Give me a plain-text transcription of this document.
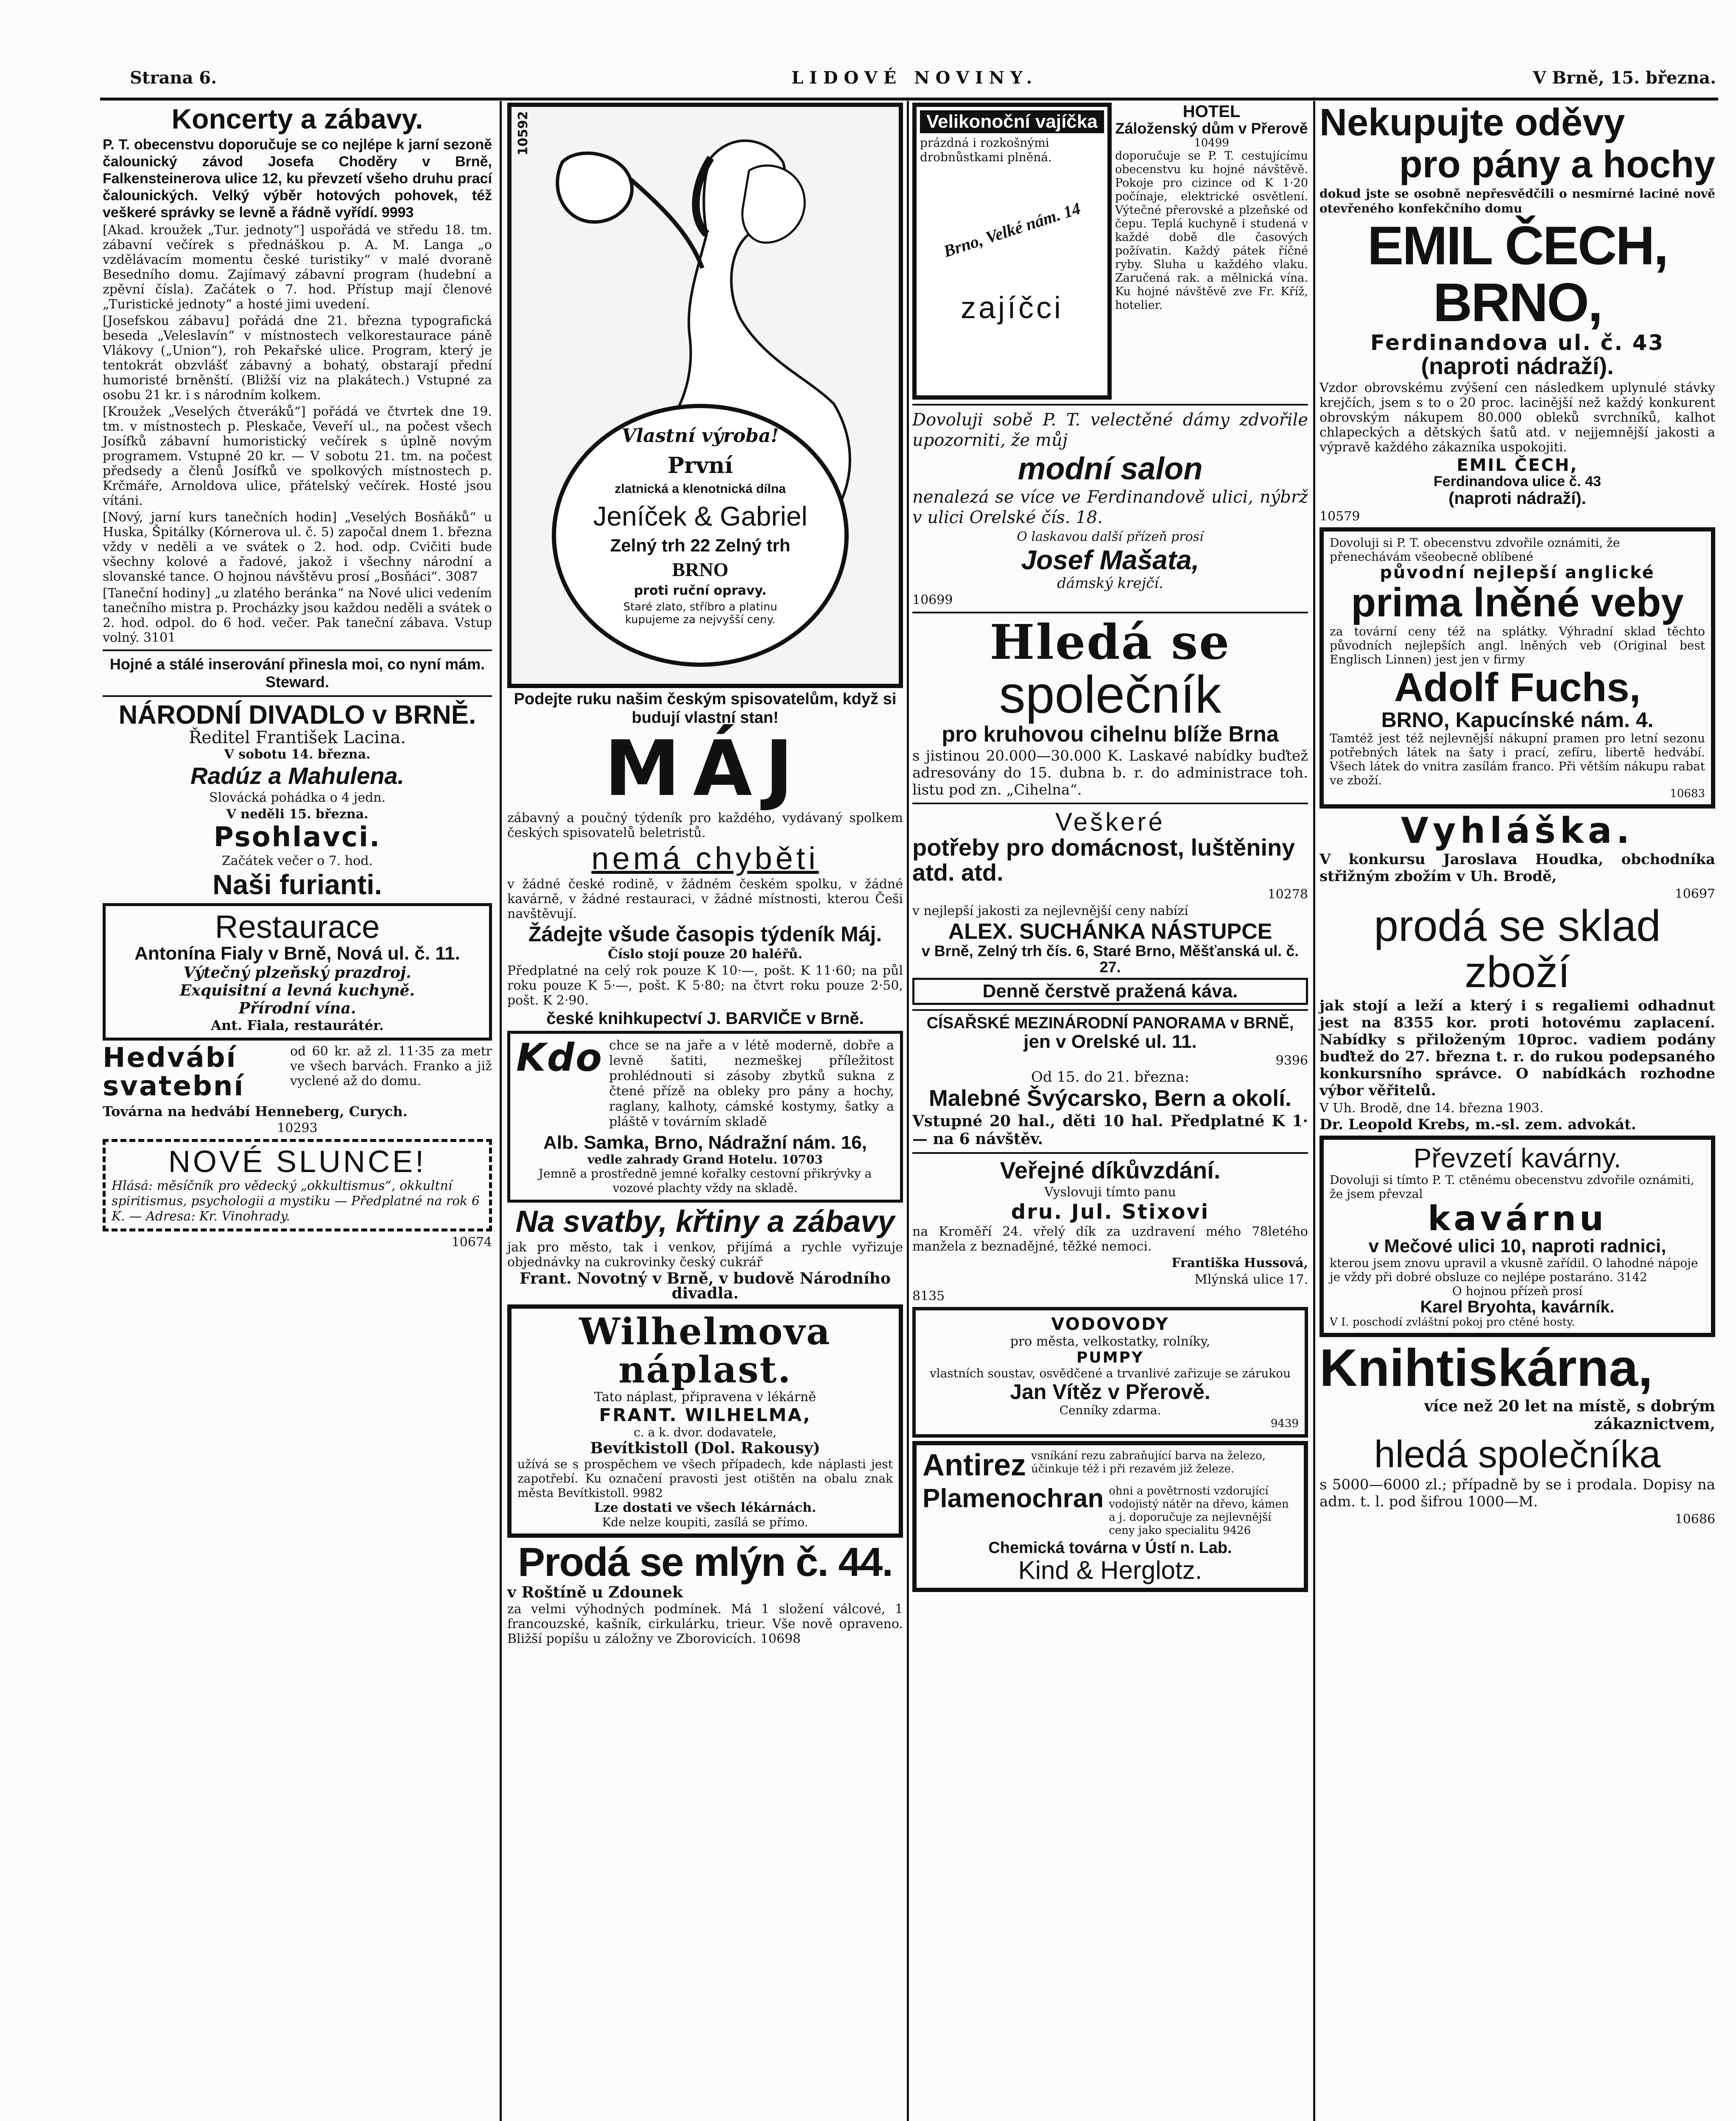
Strana 6.	LIDOVÉ NOVINY.	V Brně, 15. března.
Koncerty a zábavy.
P. T. obecenstvu doporučuje se co nejlépe k jarní sezoně čalounický závod Josefa Choděry v Brně, Falkensteinerova ulice 12, ku převzetí všeho druhu prací čalounických. Velký výběr hotových pohovek, též veškeré správky se levně a řádně vyřídí. 9993
[Akad. kroužek „Tur. jednoty“] uspořádá ve středu 18. tm. zábavní večírek s přednáškou p. A. M. Langa „o vzdělávacím momentu české turistiky“ v malé dvoraně Besedního domu. Zajímavý zábavní program (hudební a zpěvní čísla). Začátek o 7. hod. Přístup mají členové „Turistické jednoty“ a hosté jimi uvedení.
[Josefskou zábavu] pořádá dne 21. března typografická beseda „Veleslavín“ v místnostech velkorestaurace páně Vlákovy („Union“), roh Pekařské ulice. Program, který je tentokrát obzvlášť zábavný a bohatý, obstarají přední humoristé brněnští. (Bližší viz na plakátech.) Vstupné za osobu 21 kr. i s národním kolkem.
[Kroužek „Veselých čtveráků“] pořádá ve čtvrtek dne 19. tm. v místnostech p. Pleskače, Veveří ul., na počest všech Josífků zábavní humoristický večírek s úplně novým programem. Vstupné 20 kr. — V sobotu 21. tm. na počest předsedy a členů Josífků ve spolkových místnostech p. Krčmáře, Arnoldova ulice, přátelský večírek. Hosté jsou vítáni.
[Nový, jarní kurs tanečních hodin] „Veselých Bosňáků“ u Huska, Špitálky (Kórnerova ul. č. 5) započal dnem 1. března vždy v neděli a ve svátek o 2. hod. odp. Cvičiti bude všechny kolové a řadové, jakož i všechny národní a slovanské tance. O hojnou návštěvu prosí „Bosňáci“. 3087
[Taneční hodiny] „u zlatého beránka“ na Nové ulici vedením tanečního mistra p. Procházky jsou každou neděli a svátek o 2. hod. odpol. do 6 hod. večer. Pak taneční zábava. Vstup volný. 3101
Hojné a stálé inserování přinesla moi, co nyní mám. Steward.
NÁRODNÍ DIVADLO v BRNĚ.
Ředitel František Lacina.
V sobotu 14. března.
Radúz a Mahulena.
Slovácká pohádka o 4 jedn.
V neděli 15. března.
Psohlavci.
Začátek večer o 7. hod.
Naši furianti.
Restaurace
Antonína Fialy v Brně, Nová ul. č. 11.
Výtečný plzeňský prazdroj.
Exquisitní a levná kuchyně.
Přírodní vína.
Ant. Fiala, restaurátér.
Hedvábí svatební
od 60 kr. až zl. 11·35 za metr ve všech barvách. Franko a již vyclené až do domu.
Továrna na hedvábí Henneberg, Curych.
10293
NOVÉ SLUNCE!
Hlásá: měsíčník pro vědecký „okkultismus“, okkultní spiritismus, psychologii a mystiku — Předplatné na rok 6 K. — Adresa: Kr. Vinohrady.
10674
10592
Vlastní výroba!
První
zlatnická a klenotnická dílna
Jeníček & Gabriel
Zelný trh 22 Zelný trh
BRNO
proti ruční opravy.
Staré zlato, stříbro a platinu kupujeme za nejvyšší ceny.
Podejte ruku našim českým spisovatelům, když si budují vlastní stan!
MÁJ
zábavný a poučný týdeník pro každého, vydávaný spolkem českých spisovatelů beletristů.
nemá chyběti
v žádné české rodině, v žádném českém spolku, v žádné kavárně, v žádné restauraci, v žádné místnosti, kterou Češi navštěvují.
Žádejte všude časopis týdeník Máj.
Číslo stojí pouze 20 haléřů.
Předplatné na celý rok pouze K 10·—, pošt. K 11·60; na půl roku pouze K 5·—, pošt. K 5·80; na čtvrt roku pouze 2·50, pošt. K 2·90.
české knihkupectví J. BARVIČE v Brně.
Kdo chce se na jaře a v létě moderně, dobře a levně šatiti, nezmeškej příležitost prohlédnouti si zásoby zbytků sukna z čtené přízě na obleky pro pány a hochy, raglany, kalhoty, cámské kostymy, šatky a pláště v továrním skladě
Alb. Samka, Brno, Nádražní nám. 16,
vedle zahrady Grand Hotelu. 10703
Jemně a prostředně jemné kořalky cestovní přikrývky a vozové plachty vždy na skladě.
Na svatby, křtiny a zábavy
jak pro město, tak i venkov, přijímá a rychle vyřizuje objednávky na cukrovinky český cukrář
Frant. Novotný v Brně, v budově Národního divadla.
Wilhelmova náplast.
Tato náplast, připravena v lékárně
FRANT. WILHELMA,
c. a k. dvor. dodavatele,
Bevítkistoll (Dol. Rakousy)
užívá se s prospěchem ve všech případech, kde náplasti jest zapotřebí. Ku označení pravosti jest otištěn na obalu znak města Bevítkistoll. 9982
Lze dostati ve všech lékárnách.
Kde nelze koupiti, zasílá se přímo.
Prodá se mlýn č. 44.
v Roštíně u Zdounek
za velmi výhodných podmínek. Má 1 složení válcové, 1 francouzské, kašník, cirkulárku, trieur. Vše nově opraveno. Bližší popíšu u záložny ve Zborovicích. 10698
Velikonoční vajíčka
prázdná i rozkošnými drobnůstkami plněná.
Brno, Velké nám. 14
zajíčci
HOTEL
Záloženský dům v Přerově
10499
doporučuje se P. T. cestujícímu obecenstvu ku hojné návštěvě. Pokoje pro cizince od K 1·20 počínaje, elektrické osvětlení. Výtečné přerovské a plzeňské od čepu. Teplá kuchyně i studená v každé době dle časových požívatin. Každý pátek říčné ryby. Sluha u každého vlaku. Zaručená rak. a mělnická vína. Ku hojné návštěvě zve Fr. Kříž, hotelier.
Dovoluji sobě P. T. velectěné dámy zdvořile upozorniti, že můj
modní salon
nenalezá se více ve Ferdinandově ulici, nýbrž v ulici Orelské čís. 18.
O laskavou další přízeň prosí
Josef Mašata,
dámský krejčí.
10699
Hledá se
společník
pro kruhovou cihelnu blíže Brna
s jistinou 20.000—30.000 K. Laskavé nabídky buďtež adresovány do 15. dubna b. r. do administrace toh. listu pod zn. „Cihelna“.
Veškeré
potřeby pro domácnost, luštěniny atd. atd.
10278
v nejlepší jakosti za nejlevnější ceny nabízí
ALEX. SUCHÁNKA NÁSTUPCE
v Brně, Zelný trh čís. 6, Staré Brno, Měšťanská ul. č. 27.
Denně čerstvě pražená káva.
CÍSAŘSKÉ MEZINÁRODNÍ PANORAMA v BRNĚ,
jen v Orelské ul. 11.
9396
Od 15. do 21. března:
Malebné Švýcarsko, Bern a okolí.
Vstupné 20 hal., děti 10 hal. Předplatné K 1·— na 6 návštěv.
Veřejné díkůvzdání.
Vyslovuji tímto panu
dru. Jul. Stixovi
na Kroměří 24. vřelý dík za uzdravení mého 78letého manžela z beznadějné, těžké nemoci.
Františka Hussová,
Mlýnská ulice 17.
8135
VODOVODY
pro města, velkostatky, rolníky,
PUMPY
vlastních soustav, osvědčené a trvanlivé zařizuje se zárukou
Jan Vítěz v Přerově.
Cenníky zdarma.
9439
Antirez vsníkání rezu zabraňující barva na železo, účinkuje též i při rezavém již železe.
Plamenochran ohni a povětrnosti vzdorující vodojistý nátěr na dřevo, kámen a j. doporučuje za nejlevnější ceny jako specialitu 9426
Chemická továrna v Ústí n. Lab.
Kind & Herglotz.
Nekupujte oděvy
pro pány a hochy
dokud jste se osobně nepřesvědčili o nesmírné laciné nově otevřeného konfekčního domu
EMIL ČECH, BRNO,
Ferdinandova ul. č. 43
(naproti nádraží).
Vzdor obrovskému zvýšení cen následkem uplynulé stávky krejčích, jsem s to o 20 proc. lacinější než každý konkurent obrovským nákupem 80.000 obleků svrchníků, kalhot chlapeckých a dětských šatů atd. v nejjemnější jakosti a výpravě každého zákazníka uspokojiti.
EMIL ČECH,
Ferdinandova ulice č. 43
(naproti nádraží).
10579
Dovoluji si P. T. obecenstvu zdvořile oznámiti, že přenechávám všeobecně oblíbené
původní nejlepší anglické
prima lněné veby
za tovární ceny též na splátky. Výhradní sklad těchto původních nejlepších angl. lněných veb (Original best Englisch Linnen) jest jen v firmy
Adolf Fuchs,
BRNO, Kapucínské nám. 4.
Tamtéž jest též nejlevnější nákupní pramen pro letní sezonu potřebných látek na šaty i prací, zefíru, libertě hedvábí. Všech látek do vnitra zasílám franco. Při větším nákupu rabat ve zboží.
10683
Vyhláška.
V konkursu Jaroslava Houdka, obchodníka střižným zbožím v Uh. Brodě,
10697
prodá se sklad zboží
jak stojí a leží a který i s regaliemi odhadnut jest na 8355 kor. proti hotovému zaplacení. Nabídky s přiloženým 10proc. vadiem podány buďtež do 27. března t. r. do rukou podepsaného konkursního správce. O nabídkách rozhodne výbor věřitelů.
V Uh. Brodě, dne 14. března 1903.
Dr. Leopold Krebs, m.-sl. zem. advokát.
Převzetí kavárny.
Dovoluji si tímto P. T. ctěnému obecenstvu zdvořile oznámiti, že jsem převzal
kavárnu
v Mečové ulici 10, naproti radnici,
kterou jsem znovu upravil a vkusně zařídil. O lahodné nápoje je vždy při dobré obsluze co nejlépe postaráno. 3142
O hojnou přízeň prosí
Karel Bryohta, kavárník.
V I. poschodí zvláštní pokoj pro ctěné hosty.
Knihtiskárna,
více než 20 let na místě, s dobrým zákaznictvem,
hledá společníka
s 5000—6000 zl.; případně by se i prodala. Dopisy na adm. t. l. pod šifrou 1000—M.
10686
